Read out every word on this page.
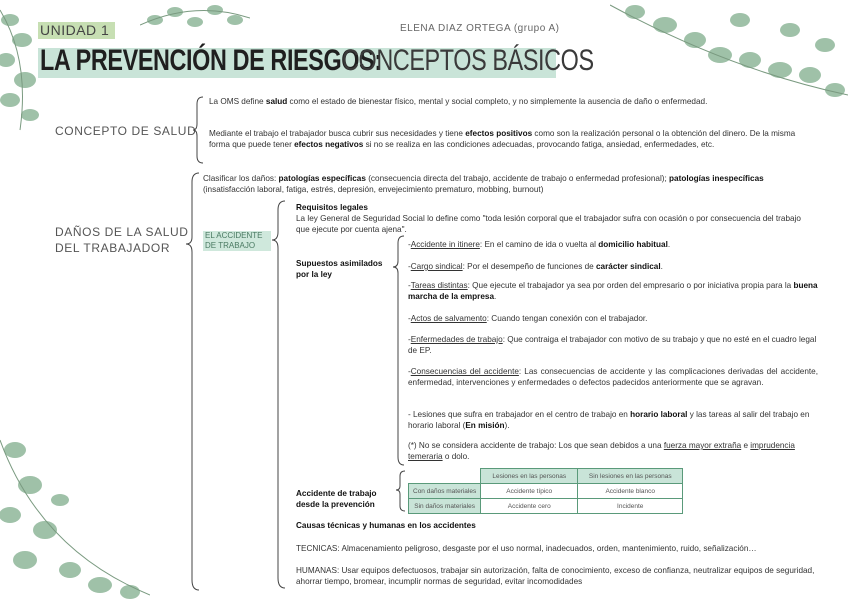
UNIDAD 1	ELENA DIAZ ORTEGA (grupo A)
LA PREVENCIÓN DE RIESGOS:
CONCEPTOS BÁSICOS
CONCEPTO DE SALUD
La OMS define salud como el estado de bienestar físico, mental y social completo, y no simplemente la ausencia de daño o enfermedad.
Mediante el trabajo el trabajador busca cubrir sus necesidades y tiene efectos positivos como son la realización personal o la obtención del dinero. De la misma forma que puede tener efectos negativos si no se realiza en las condiciones adecuadas, provocando fatiga, ansiedad, enfermedades, etc.
DAÑOS DE LA SALUD
DEL TRABAJADOR
Clasificar los daños: patologías específicas (consecuencia directa del trabajo, accidente de trabajo o enfermedad profesional); patologías inespecíficas (insatisfacción laboral, fatiga, estrés, depresión, envejecimiento prematuro, mobbing, burnout)
EL ACCIDENTE
DE TRABAJO
Requisitos legales
La ley General de Seguridad Social lo define como "toda lesión corporal que el trabajador sufra con ocasión o por consecuencia del trabajo que ejecute por cuenta ajena".
Supuestos asimilados
por la ley
-Accidente in itinere: En el camino de ida o vuelta al domicilio habitual.
-Cargo sindical: Por el desempeño de funciones de carácter sindical.
-Tareas distintas: Que ejecute el trabajador ya sea por orden del empresario o por iniciativa propia para la buena marcha de la empresa.
-Actos de salvamento: Cuando tengan conexión con el trabajador.
-Enfermedades de trabajo: Que contraiga el trabajador con motivo de su trabajo y que no esté en el cuadro legal de EP.
-Consecuencias del accidente: Las consecuencias de accidente y las complicaciones derivadas del accidente, enfermedad, intervenciones y enfermedades o defectos padecidos anteriormente que se agravan.
- Lesiones que sufra en trabajador en el centro de trabajo en horario laboral y las tareas al salir del trabajo en horario laboral (En misión).
(*) No se considera accidente de trabajo: Los que sean debidos a una fuerza mayor extraña e imprudencia temeraria o dolo.
Accidente de trabajo
desde la prevención
	Lesiones en las personas	Sin lesiones en las personas
Con daños materiales	Accidente típico	Accidente blanco
Sin daños materiales	Accidente cero	Incidente
Causas técnicas y humanas en los accidentes
TECNICAS: Almacenamiento peligroso, desgaste por el uso normal, inadecuados, orden, mantenimiento, ruido, señalización…
HUMANAS: Usar equipos defectuosos, trabajar sin autorización, falta de conocimiento, exceso de confianza, neutralizar equipos de seguridad, ahorrar tiempo, bromear, incumplir normas de seguridad, evitar incomodidades
